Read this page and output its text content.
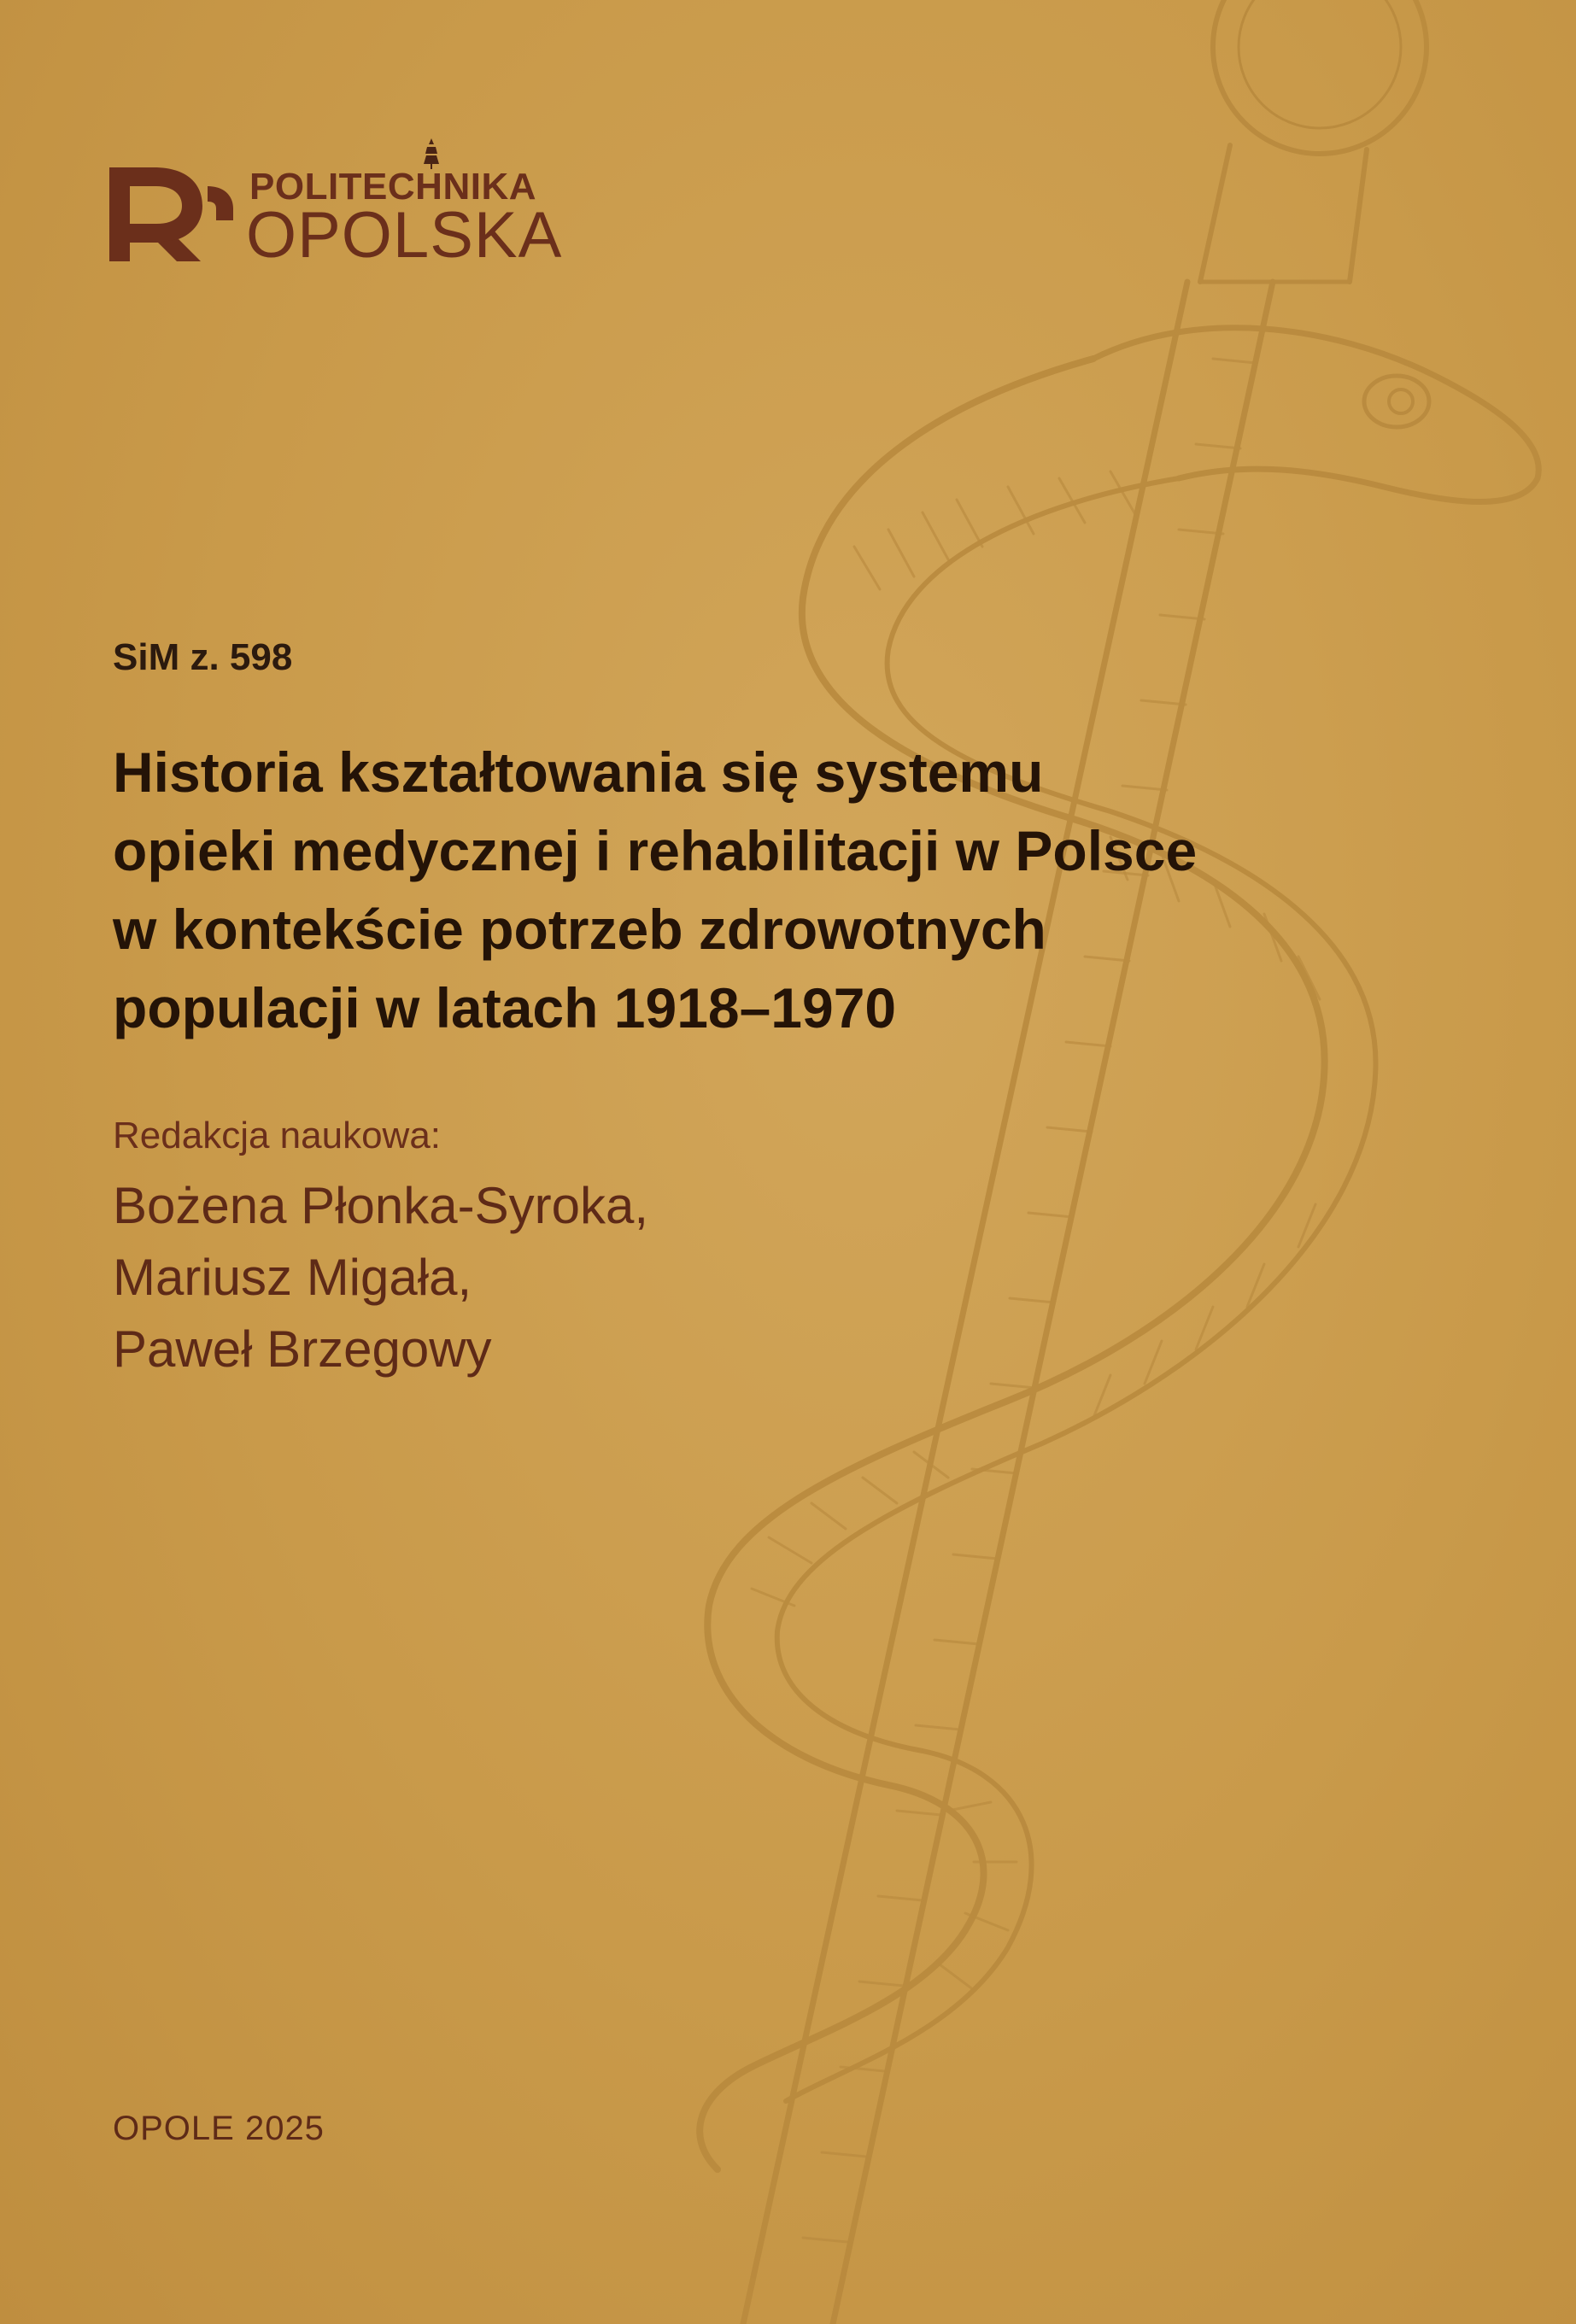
POLITECHNIKA
OPOLSKA
SiM z. 598
Historia kształtowania się systemu
opieki medycznej i rehabilitacji w Polsce
w kontekście potrzeb zdrowotnych
populacji w latach 1918–1970
Redakcja naukowa:
Bożena Płonka-Syroka,
Mariusz Migała,
Paweł Brzegowy
OPOLE 2025
